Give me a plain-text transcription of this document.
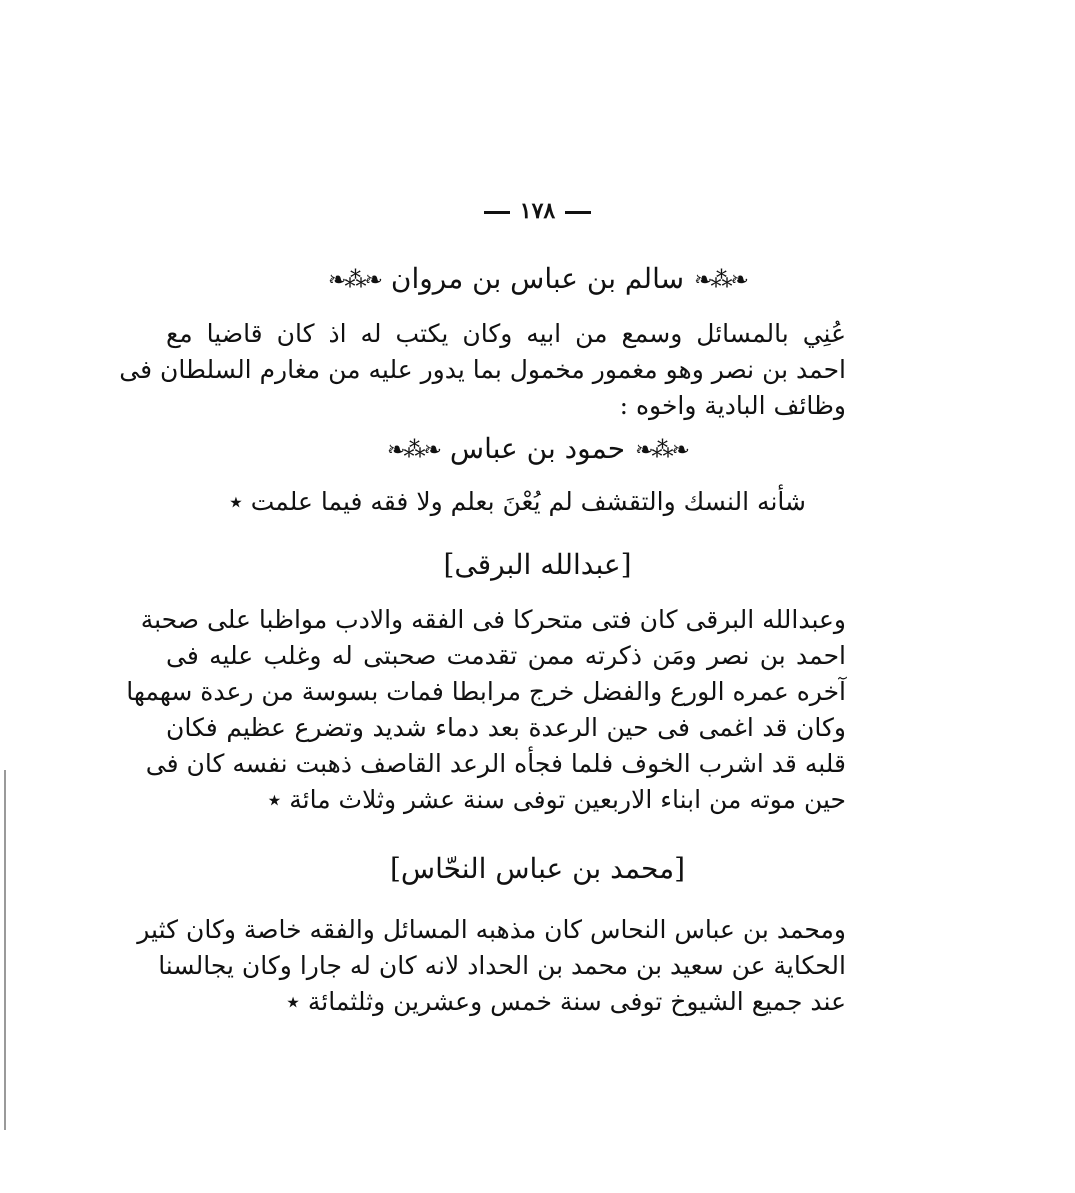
١٧٨
❧⁂❧سالم بن عباس بن مروان❧⁂❧
عُنِي بالمسائل وسمع من ابيه وكان يكتب له اذ كان قاضيا مع
احمد بن نصر وهو مغمور مخمول بما يدور عليه من مغارم السلطان فى
وظائف البادية واخوه :
❧⁂❧حمود بن عباس❧⁂❧
شأنه النسك والتقشف لم يُعْنَ بعلم ولا فقه فيما علمت ٭
[عبدالله البرقى]
وعبدالله البرقى كان فتى متحركا فى الفقه والادب مواظبا على صحبة
احمد بن نصر ومَن ذكرته ممن تقدمت صحبتى له وغلب عليه فى
آخره عمره الورع والفضل خرج مرابطا فمات بسوسة من رعدة سهمها
وكان قد اغمى فى حين الرعدة بعد دماء شديد وتضرع عظيم فكان
قلبه قد اشرب الخوف فلما فجأه الرعد القاصف ذهبت نفسه كان فى
حين موته من ابناء الاربعين توفى سنة عشر وثلاث مائة ٭
[محمد بن عباس النحّاس]
ومحمد بن عباس النحاس كان مذهبه المسائل والفقه خاصة وكان كثير
الحكاية عن سعيد بن محمد بن الحداد لانه كان له جارا وكان يجالسنا
عند جميع الشيوخ توفى سنة خمس وعشرين وثلثمائة ٭
